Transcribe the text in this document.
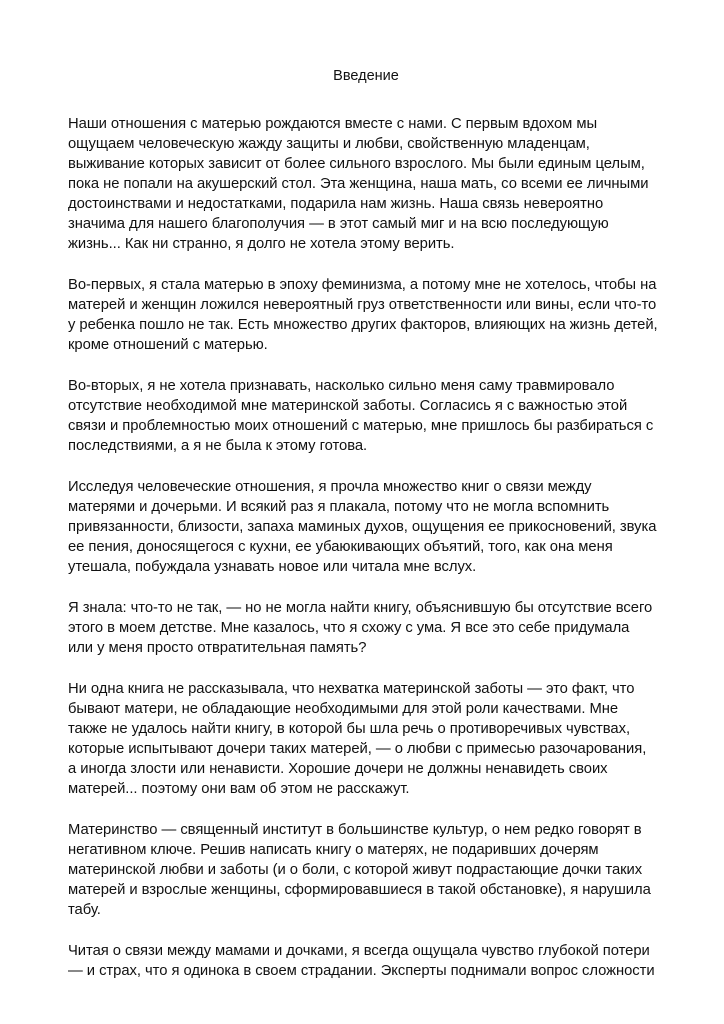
Введение
Наши отношения с матерью рождаются вместе с нами. С первым вдохом мы
ощущаем человеческую жажду защиты и любви, свойственную младенцам,
выживание которых зависит от более сильного взрослого. Мы были единым целым,
пока не попали на акушерский стол. Эта женщина, наша мать, со всеми ее личными
достоинствами и недостатками, подарила нам жизнь. Наша связь невероятно
значима для нашего благополучия — в этот самый миг и на всю последующую
жизнь... Как ни странно, я долго не хотела этому верить.
Во-первых, я стала матерью в эпоху феминизма, а потому мне не хотелось, чтобы на
матерей и женщин ложился невероятный груз ответственности или вины, если что-то
у ребенка пошло не так. Есть множество других факторов, влияющих на жизнь детей,
кроме отношений с матерью.
Во-вторых, я не хотела признавать, насколько сильно меня саму травмировало
отсутствие необходимой мне материнской заботы. Согласись я с важностью этой
связи и проблемностью моих отношений с матерью, мне пришлось бы разбираться с
последствиями, а я не была к этому готова.
Исследуя человеческие отношения, я прочла множество книг о связи между
матерями и дочерьми. И всякий раз я плакала, потому что не могла вспомнить
привязанности, близости, запаха маминых духов, ощущения ее прикосновений, звука
ее пения, доносящегося с кухни, ее убаюкивающих объятий, того, как она меня
утешала, побуждала узнавать новое или читала мне вслух.
Я знала: что-то не так, — но не могла найти книгу, объяснившую бы отсутствие всего
этого в моем детстве. Мне казалось, что я схожу с ума. Я все это себе придумала
или у меня просто отвратительная память?
Ни одна книга не рассказывала, что нехватка материнской заботы — это факт, что
бывают матери, не обладающие необходимыми для этой роли качествами. Мне
также не удалось найти книгу, в которой бы шла речь о противоречивых чувствах,
которые испытывают дочери таких матерей, — о любви с примесью разочарования,
а иногда злости или ненависти. Хорошие дочери не должны ненавидеть своих
матерей... поэтому они вам об этом не расскажут.
Материнство — священный институт в большинстве культур, о нем редко говорят в
негативном ключе. Решив написать книгу о матерях, не подаривших дочерям
материнской любви и заботы (и о боли, с которой живут подрастающие дочки таких
матерей и взрослые женщины, сформировавшиеся в такой обстановке), я нарушила
табу.
Читая о связи между мамами и дочками, я всегда ощущала чувство глубокой потери
— и страх, что я одинока в своем страдании. Эксперты поднимали вопрос сложности
